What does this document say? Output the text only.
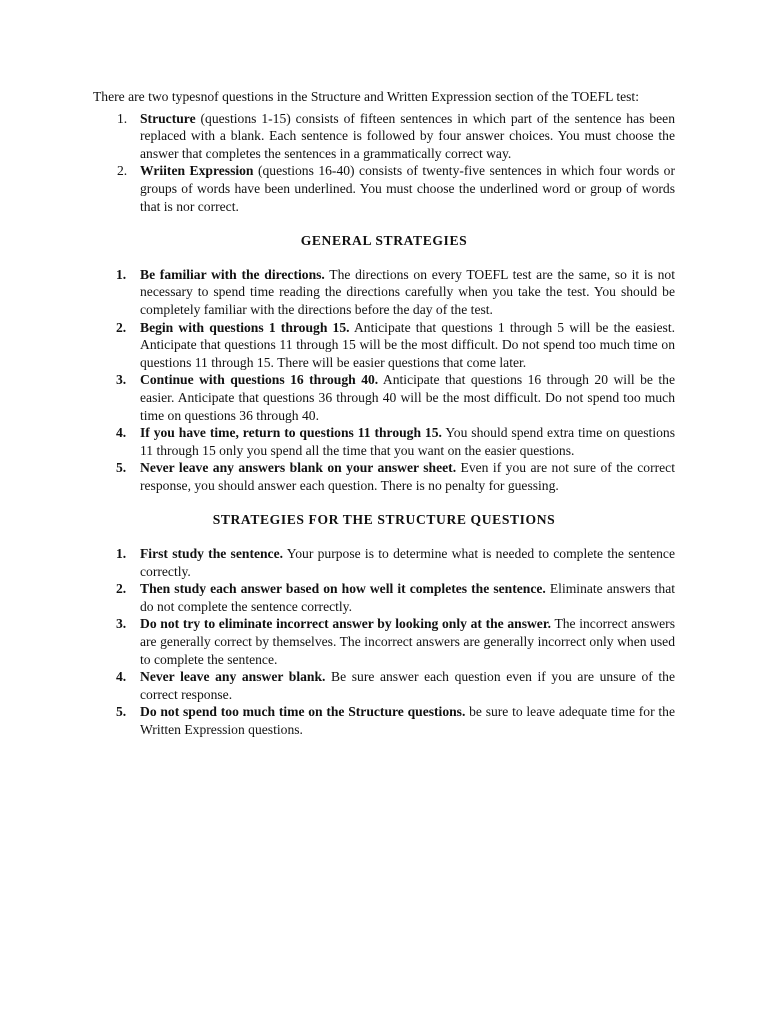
There are two typesnof questions in the Structure and Written Expression section of the TOEFL test:

1. Structure (questions 1-15) consists of fifteen sentences in which part of the sentence has been replaced with a blank. Each sentence is followed by four answer choices. You must choose the answer that completes the sentences in a grammatically correct way.
2. Wriiten Expression (questions 16-40) consists of twenty-five sentences in which four words or groups of words have been underlined. You must choose the underlined word or group of words that is nor correct.
GENERAL STRATEGIES
1. Be familiar with the directions. The directions on every TOEFL test are the same, so it is not necessary to spend time reading the directions carefully when you take the test. You should be completely familiar with the directions before the day of the test.
2. Begin with questions 1 through 15. Anticipate that questions 1 through 5 will be the easiest. Anticipate that questions 11 through 15 will be the most difficult. Do not spend too much time on questions 11 through 15. There will be easier questions that come later.
3. Continue with questions 16 through 40. Anticipate that questions 16 through 20 will be the easier. Anticipate that questions 36 through 40 will be the most difficult. Do not spend too much time on questions 36 through 40.
4. If you have time, return to questions 11 through 15. You should spend extra time on questions 11 through 15 only you spend all the time that you want on the easier questions.
5. Never leave any answers blank on your answer sheet. Even if you are not sure of the correct response, you should answer each question. There is no penalty for guessing.
STRATEGIES FOR THE STRUCTURE QUESTIONS
1. First study the sentence. Your purpose is to determine what is needed to complete the sentence correctly.
2. Then study each answer based on how well it completes the sentence. Eliminate answers that do not complete the sentence correctly.
3. Do not try to eliminate incorrect answer by looking only at the answer. The incorrect answers are generally correct by themselves. The incorrect answers are generally incorrect only when used to complete the sentence.
4. Never leave any answer blank. Be sure answer each question even if you are unsure of the correct response.
5. Do not spend too much time on the Structure questions. be sure to leave adequate time for the Written Expression questions.
